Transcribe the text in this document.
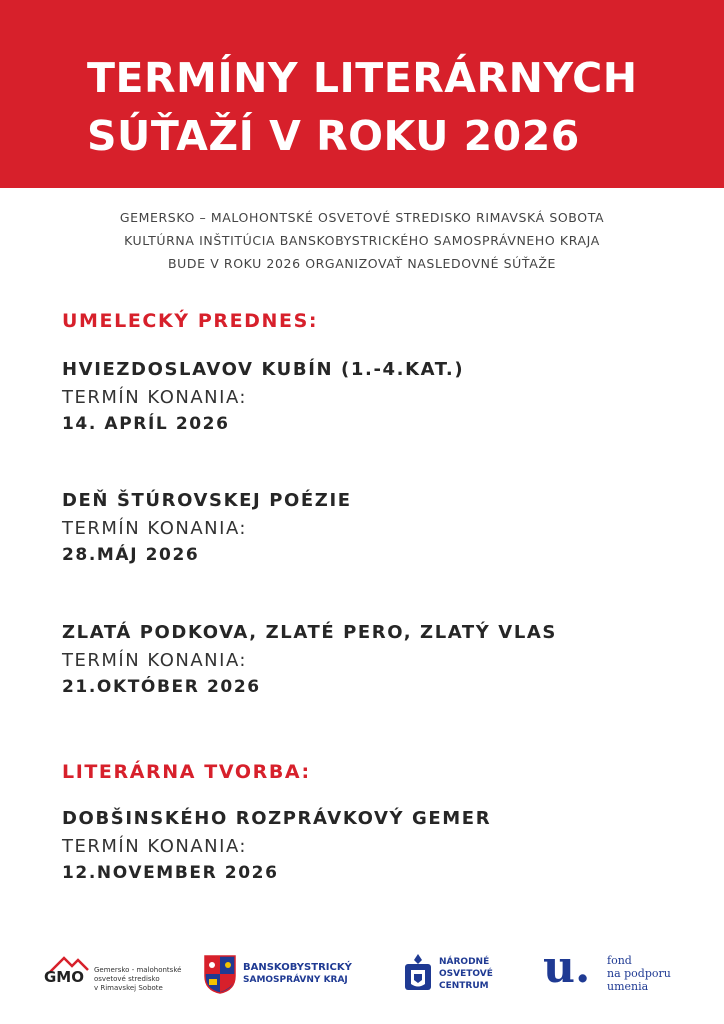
TERMÍNY LITERÁRNYCH
SÚŤAŽÍ V ROKU 2026
GEMERSKO – MALOHONTSKÉ OSVETOVÉ STREDISKO RIMAVSKÁ SOBOTA
KULTÚRNA INŠTITÚCIA BANSKOBYSTRICKÉHO SAMOSPRÁVNEHO KRAJA
BUDE V ROKU 2026 ORGANIZOVAŤ NASLEDOVNÉ SÚŤAŽE
UMELECKÝ PREDNES:
HVIEZDOSLAVOV KUBÍN (1.-4.KAT.)
TERMÍN KONANIA:
14. APRÍL 2026
DEŇ ŠTÚROVSKEJ POÉZIE
TERMÍN KONANIA:
28.MÁJ 2026
ZLATÁ PODKOVA, ZLATÉ PERO, ZLATÝ VLAS
TERMÍN KONANIA:
21.OKTÓBER 2026
LITERÁRNA TVORBA:
DOBŠINSKÉHO ROZPRÁVKOVÝ GEMER
TERMÍN KONANIA:
12.NOVEMBER 2026
GMO Gemersko - malohontské
osvetové stredisko
v Rimavskej Sobote
BANSKOBYSTRICKÝ
SAMOSPRÁVNY KRAJ
NÁRODNÉ
OSVETOVÉ
CENTRUM u. fond
na podporu
umenia
